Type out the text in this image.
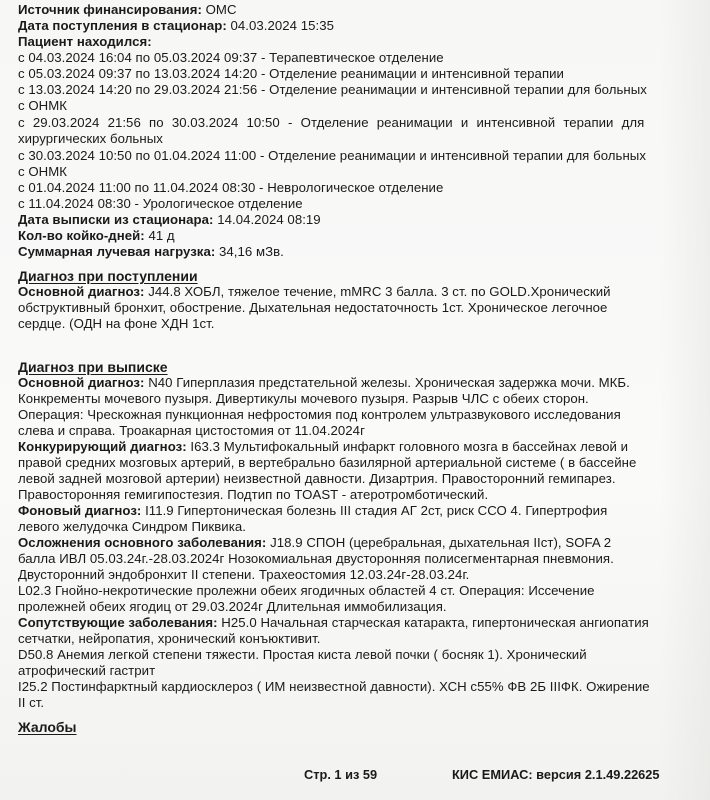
Источник финансирования: ОМС
Дата поступления в стационар: 04.03.2024 15:35
Пациент находился:
с 04.03.2024 16:04 по 05.03.2024 09:37 - Терапевтическое отделение
с 05.03.2024 09:37 по 13.03.2024 14:20 - Отделение реанимации и интенсивной терапии
с 13.03.2024 14:20 по 29.03.2024 21:56 - Отделение реанимации и интенсивной терапии для больных
с ОНМК
с 29.03.2024 21:56 по 30.03.2024 10:50 - Отделение реанимации и интенсивной терапии для
хирургических больных
с 30.03.2024 10:50 по 01.04.2024 11:00 - Отделение реанимации и интенсивной терапии для больных
с ОНМК
с 01.04.2024 11:00 по 11.04.2024 08:30 - Неврологическое отделение
с 11.04.2024 08:30 - Урологическое отделение
Дата выписки из стационара: 14.04.2024 08:19
Кол-во койко-дней: 41 д
Суммарная лучевая нагрузка: 34,16 мЗв.
Диагноз при поступлении
Основной диагноз: J44.8 ХОБЛ, тяжелое течение, mMRC 3 балла. 3 ст. по GOLD.Хронический
обструктивный бронхит, обострение. Дыхательная недостаточность 1ст. Хроническое легочное
сердце. (ОДН на фоне ХДН 1ст.
Диагноз при выписке
Основной диагноз: N40 Гиперплазия предстательной железы. Хроническая задержка мочи. МКБ.
Конкременты мочевого пузыря. Дивертикулы мочевого пузыря. Разрыв ЧЛС с обеих сторон.
Операция: Чрескожная пункционная нефростомия под контролем ультразвукового исследования
слева и справа. Троакарная цистостомия от 11.04.2024г
Конкурирующий диагноз: I63.3 Мультифокальный инфаркт головного мозга в бассейнах левой и
правой средних мозговых артерий, в вертебрально базилярной артериальной системе ( в бассейне
левой задней мозговой артерии) неизвестной давности. Дизартрия. Правосторонний гемипарез.
Правосторонняя гемигипостезия. Подтип по TOAST - атеротромботический.
Фоновый диагноз: I11.9 Гипертоническая болезнь III стадия АГ 2ст, риск ССО 4. Гипертрофия
левого желудочка Синдром Пиквика.
Осложнения основного заболевания: J18.9 СПОН (церебральная, дыхательная IIст), SOFA 2
балла ИВЛ 05.03.24г.-28.03.2024г Нозокомиальная двусторонняя полисегментарная пневмония.
Двусторонний эндобронхит II степени. Трахеостомия 12.03.24г-28.03.24г.
L02.3 Гнойно-некротические пролежни обеих ягодичных областей 4 ст. Операция: Иссечение
пролежней обеих ягодиц от 29.03.2024г Длительная иммобилизация.
Сопутствующие заболевания: H25.0 Начальная старческая катаракта, гипертоническая ангиопатия
сетчатки, нейропатия, хронический конъюктивит.
D50.8 Анемия легкой степени тяжести. Простая киста левой почки ( босняк 1). Хронический
атрофический гастрит
I25.2 Постинфарктный кардиосклероз ( ИМ неизвестной давности). ХСН с55% ФВ 2Б IIIФК. Ожирение
II ст.
Жалобы
Стр. 1 из 59	КИС ЕМИАС: версия 2.1.49.22625
